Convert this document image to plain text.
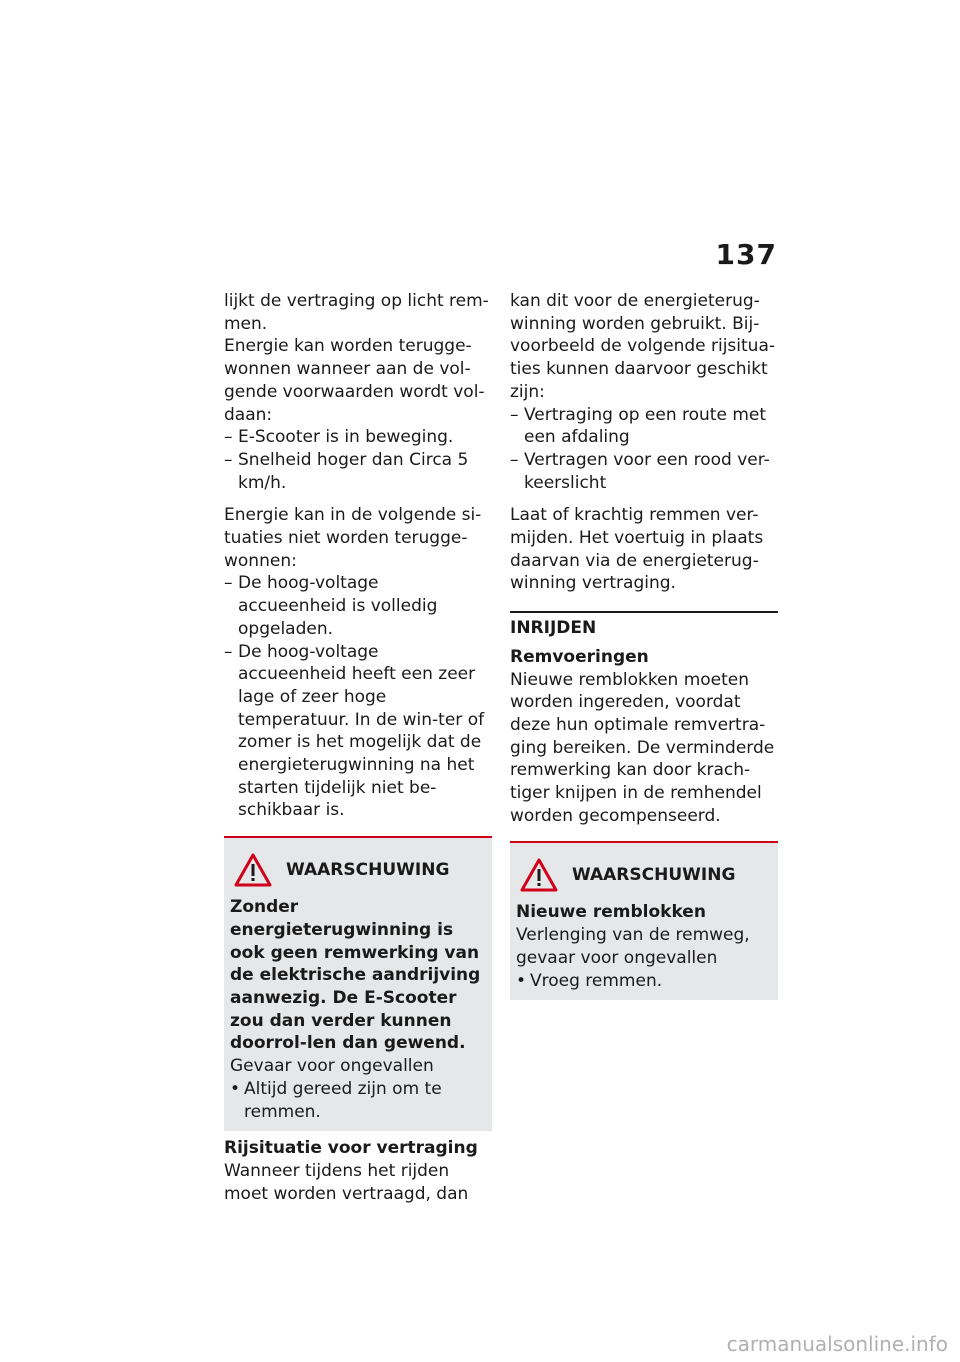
137

lijkt de vertraging op licht rem-men.

Energie kan worden terugge-wonnen wanneer aan de vol-gende voorwaarden wordt vol-daan:

– E-Scooter is in beweging.

– Snelheid hoger dan Circa 5 km/h.

Energie kan in de volgende si-tuaties niet worden terugge-wonnen:

– De hoog-voltage accueenheid is volledig opgeladen.

– De hoog-voltage accueenheid heeft een zeer lage of zeer hoge temperatuur. In de win-ter of zomer is het mogelijk dat de energieterugwinning na het starten tijdelijk niet be-schikbaar is.

WAARSCHUWING

Zonder energieterugwinning is ook geen remwerking van de elektrische aandrijving aanwezig. De E-Scooter zou dan verder kunnen doorrol-len dan gewend.

Gevaar voor ongevallen

• Altijd gereed zijn om te remmen.

Rijsituatie voor vertraging

Wanneer tijdens het rijden moet worden vertraagd, dan

kan dit voor de energieterug-winning worden gebruikt. Bij-voorbeeld de volgende rijsitua-ties kunnen daarvoor geschikt zijn:

– Vertraging op een route met een afdaling

– Vertragen voor een rood ver-keerslicht

Laat of krachtig remmen ver-mijden. Het voertuig in plaats daarvan via de energieterug-winning vertraging.

INRIJDEN

Remvoeringen

Nieuwe remblokken moeten worden ingereden, voordat deze hun optimale remvertra-ging bereiken. De verminderde remwerking kan door krach-tiger knijpen in de remhendel worden gecompenseerd.

WAARSCHUWING

Nieuwe remblokken

Verlenging van de remweg, gevaar voor ongevallen

• Vroeg remmen.

carmanualsonline.info
